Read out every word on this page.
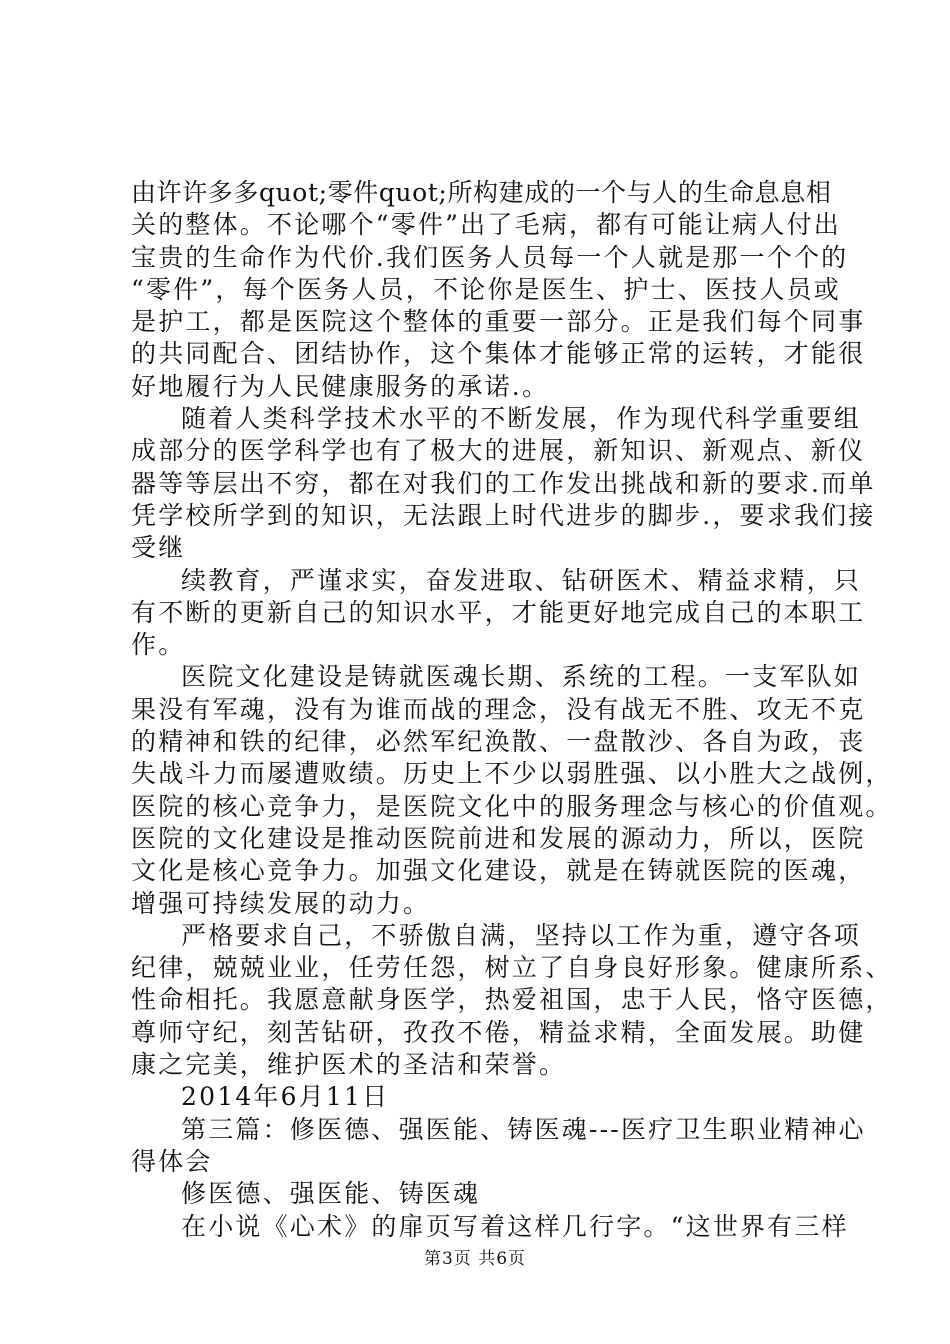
由许许多多quot;零件quot;所构建成的一个与人的生命息息相
关的整体。不论哪个“零件”出了毛病，都有可能让病人付出
宝贵的生命作为代价.我们医务人员每一个人就是那一个个的
“零件”，每个医务人员，不论你是医生、护士、医技人员或
是护工，都是医院这个整体的重要一部分。正是我们每个同事
的共同配合、团结协作，这个集体才能够正常的运转，才能很
好地履行为人民健康服务的承诺.。
随着人类科学技术水平的不断发展，作为现代科学重要组
成部分的医学科学也有了极大的进展，新知识、新观点、新仪
器等等层出不穷，都在对我们的工作发出挑战和新的要求.而单
凭学校所学到的知识，无法跟上时代进步的脚步.，要求我们接
受继
续教育，严谨求实，奋发进取、钻研医术、精益求精，只
有不断的更新自己的知识水平，才能更好地完成自己的本职工
作。
医院文化建设是铸就医魂长期、系统的工程。一支军队如
果没有军魂，没有为谁而战的理念，没有战无不胜、攻无不克
的精神和铁的纪律，必然军纪涣散、一盘散沙、各自为政，丧
失战斗力而屡遭败绩。历史上不少以弱胜强、以小胜大之战例，
医院的核心竞争力，是医院文化中的服务理念与核心的价值观。
医院的文化建设是推动医院前进和发展的源动力，所以，医院
文化是核心竞争力。加强文化建设，就是在铸就医院的医魂，
增强可持续发展的动力。
严格要求自己，不骄傲自满，坚持以工作为重，遵守各项
纪律，兢兢业业，任劳任怨，树立了自身良好形象。健康所系、
性命相托。我愿意献身医学，热爱祖国，忠于人民，恪守医德，
尊师守纪，刻苦钻研，孜孜不倦，精益求精，全面发展。助健
康之完美，维护医术的圣洁和荣誉。
2014年6月11日
第三篇：修医德、强医能、铸医魂---医疗卫生职业精神心
得体会
修医德、强医能、铸医魂
在小说《心术》的扉页写着这样几行字。“这世界有三样
第3页 共6页
